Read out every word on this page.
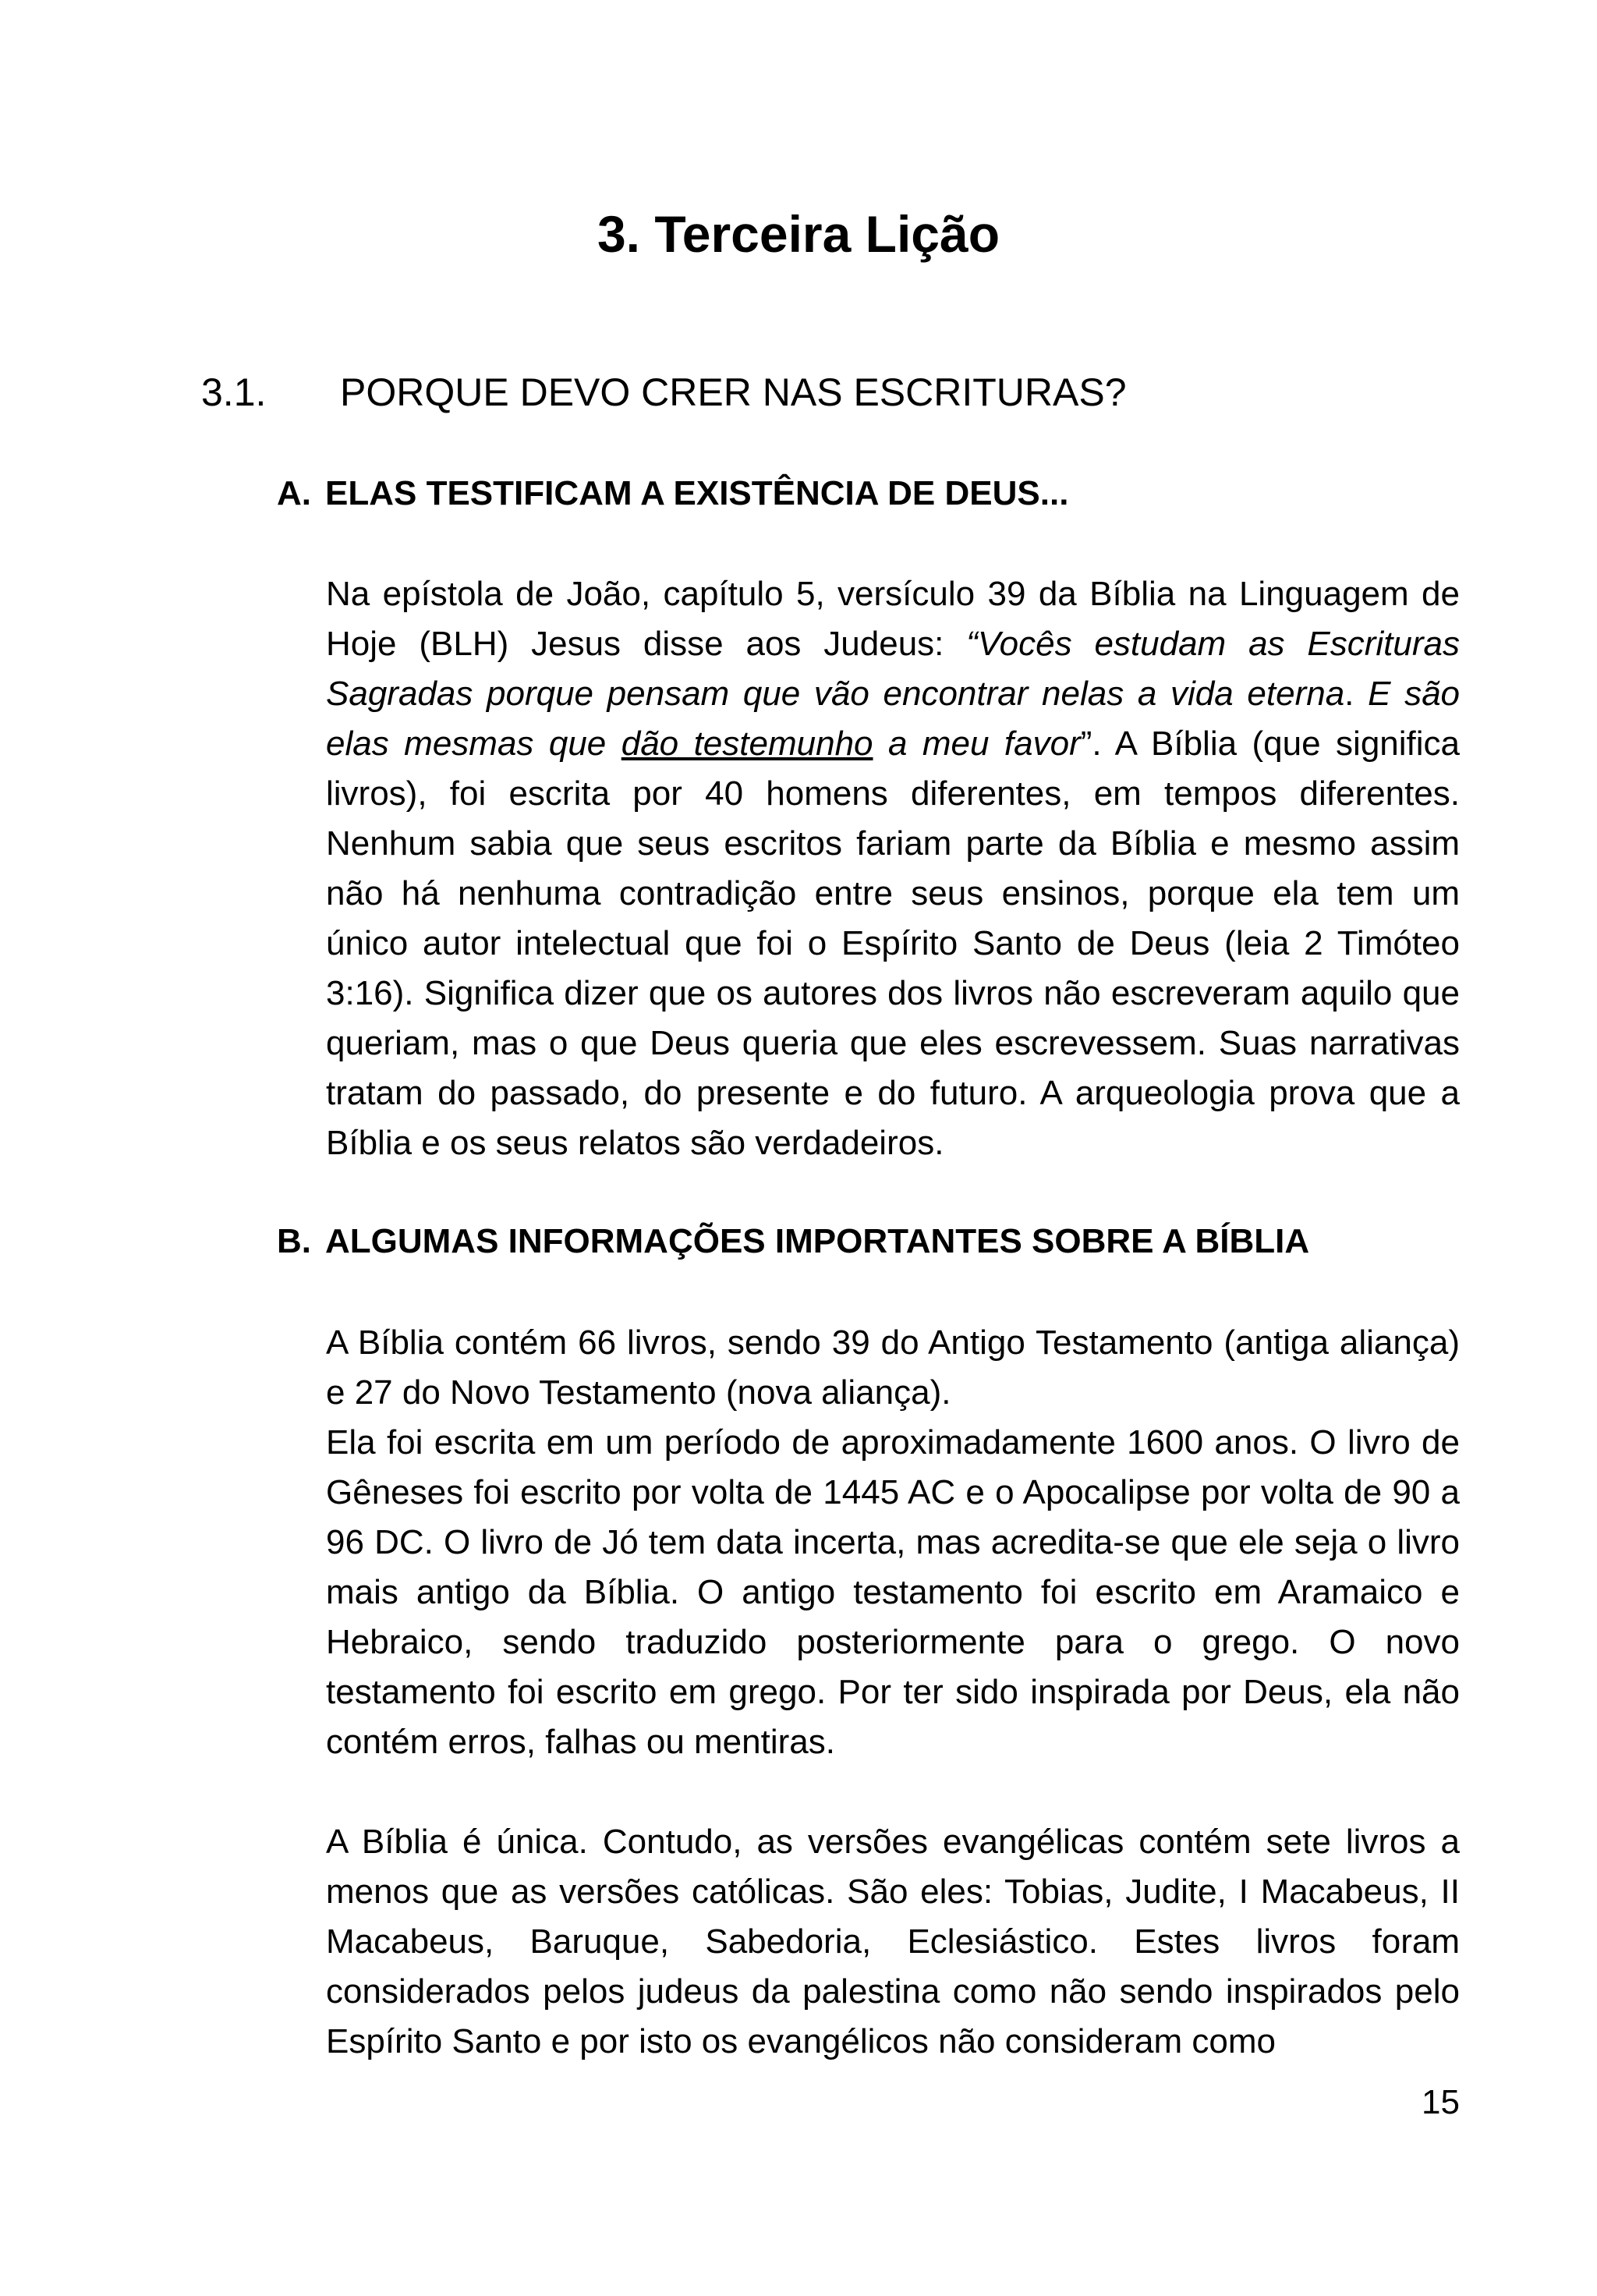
3. Terceira Lição
3.1. PORQUE DEVO CRER NAS ESCRITURAS?
A. ELAS TESTIFICAM A EXISTÊNCIA DE DEUS...

Na epístola de João, capítulo 5, versículo 39 da Bíblia na Linguagem de Hoje (BLH) Jesus disse aos Judeus: “Vocês estudam as Escrituras Sagradas porque pensam que vão encontrar nelas a vida eterna. E são elas mesmas que dão testemunho a meu favor”. A Bíblia (que significa livros), foi escrita por 40 homens diferentes, em tempos diferentes. Nenhum sabia que seus escritos fariam parte da Bíblia e mesmo assim não há nenhuma contradição entre seus ensinos, porque ela tem um único autor intelectual que foi o Espírito Santo de Deus (leia 2 Timóteo 3:16). Significa dizer que os autores dos livros não escreveram aquilo que queriam, mas o que Deus queria que eles escrevessem. Suas narrativas tratam do passado, do presente e do futuro. A arqueologia prova que a Bíblia e os seus relatos são verdadeiros.

B. ALGUMAS INFORMAÇÕES IMPORTANTES SOBRE A BÍBLIA

A Bíblia contém 66 livros, sendo 39 do Antigo Testamento (antiga aliança) e 27 do Novo Testamento (nova aliança).
Ela foi escrita em um período de aproximadamente 1600 anos. O livro de Gêneses foi escrito por volta de 1445 AC e o Apocalipse por volta de 90 a 96 DC. O livro de Jó tem data incerta, mas acredita-se que ele seja o livro mais antigo da Bíblia. O antigo testamento foi escrito em Aramaico e Hebraico, sendo traduzido posteriormente para o grego. O novo testamento foi escrito em grego. Por ter sido inspirada por Deus, ela não contém erros, falhas ou mentiras.

A Bíblia é única. Contudo, as versões evangélicas contém sete livros a menos que as versões católicas. São eles: Tobias, Judite, I Macabeus, II Macabeus, Baruque, Sabedoria, Eclesiástico. Estes livros foram considerados pelos judeus da palestina como não sendo inspirados pelo Espírito Santo e por isto os evangélicos não consideram como

15
